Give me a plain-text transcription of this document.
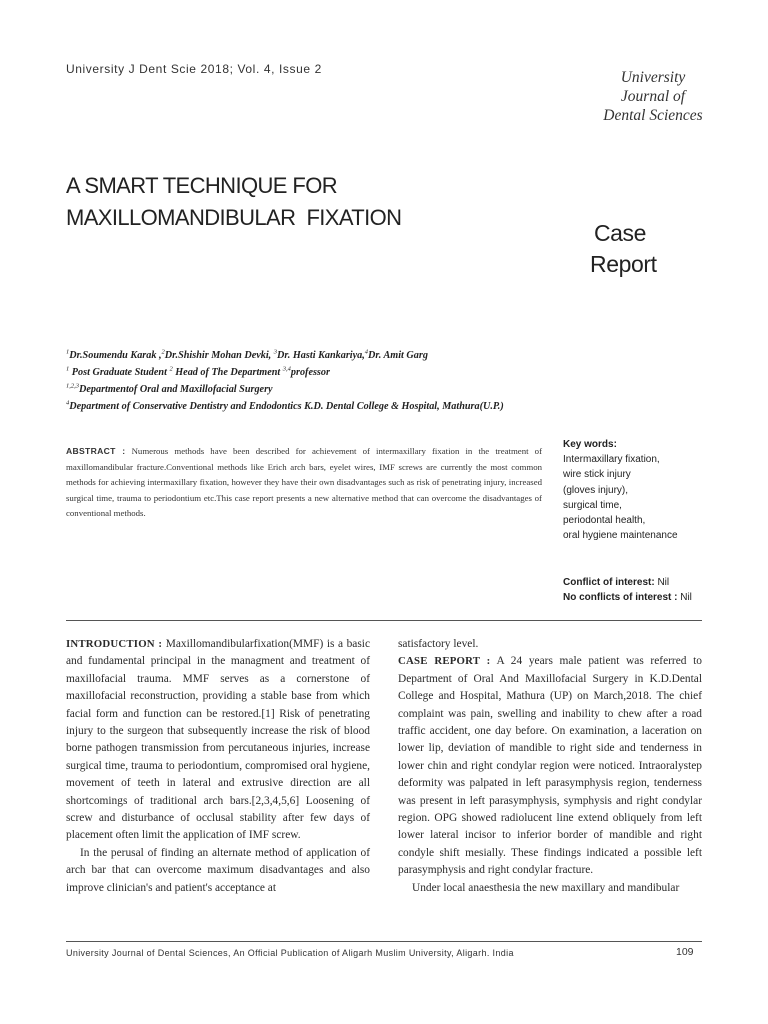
University J Dent Scie 2018; Vol. 4, Issue 2	University
Journal of
Dental Sciences
A SMART TECHNIQUE FOR
MAXILLOMANDIBULAR  FIXATION
Case
Report
$^1$Dr.Soumendu Karak ,$^2$Dr.Shishir Mohan Devki, $^3$Dr. Hasti Kankariya,$^4$Dr. Amit Garg
$^1$ Post Graduate Student $^2$ Head of The Department $^{3,4}$professor
$^{1,2,3}$Departmentof Oral and Maxillofacial Surgery
$^4$Department of Conservative Dentistry and Endodontics K.D. Dental College & Hospital, Mathura(U.P.)
ABSTRACT : Numerous methods have been described for achievement of intermaxillary fixation in the treatment of maxillomandibular fracture.Conventional methods like Erich arch bars, eyelet wires, IMF screws are currently the most common methods for achieving intermaxillary fixation, however they have their own disadvantages such as risk of penetrating injury, increased surgical time, trauma to periodontium etc.This case report presents a new alternative method that can overcome the disadvantages of conventional methods.
Key words:
Intermaxillary fixation,
wire stick injury
(gloves injury),
surgical time,
periodontal health,
oral hygiene maintenance
Conflict of interest: Nil
No conflicts of interest : Nil

INTRODUCTION : Maxillomandibularfixation(MMF) is a basic and fundamental principal in the managment and treatment of maxillofacial trauma. MMF serves as a cornerstone of maxillofacial reconstruction, providing a stable base from which facial form and function can be restored.[1] Risk of penetrating injury to the surgeon that subsequently increase the risk of blood borne pathogen transmission from percutaneous injuries, increase surgical time, trauma to periodontium, compromised oral hygiene, movement of teeth in lateral and extrusive direction are all shortcomings of traditional arch bars.[2,3,4,5,6] Loosening of screw and disturbance of occlusal stability after few days of placement often limit the application of IMF screw.

In the perusal of finding an alternate method of application of arch bar that can overcome maximum disadvantages and also improve clinician's and patient's acceptance at

satisfactory level.

CASE REPORT : A 24 years male patient was referred to Department of Oral And Maxillofacial Surgery in K.D.Dental College and Hospital, Mathura (UP) on March,2018. The chief complaint was pain, swelling and inability to chew after a road traffic accident, one day before. On examination, a laceration on lower lip, deviation of mandible to right side and tenderness in lower chin and right condylar region were noticed. Intraoralystep deformity was palpated in left parasymphysis region, tenderness was present in left parasymphysis, symphysis and right condylar region. OPG showed radiolucent line extend obliquely from left lower lateral incisor to inferior border of mandible and right condyle shift mesially. These findings indicated a possible left parasymphysis and right condylar fracture.

Under local anaesthesia the new maxillary and mandibular

University Journal of Dental Sciences, An Official Publication of Aligarh Muslim University, Aligarh. India	109
